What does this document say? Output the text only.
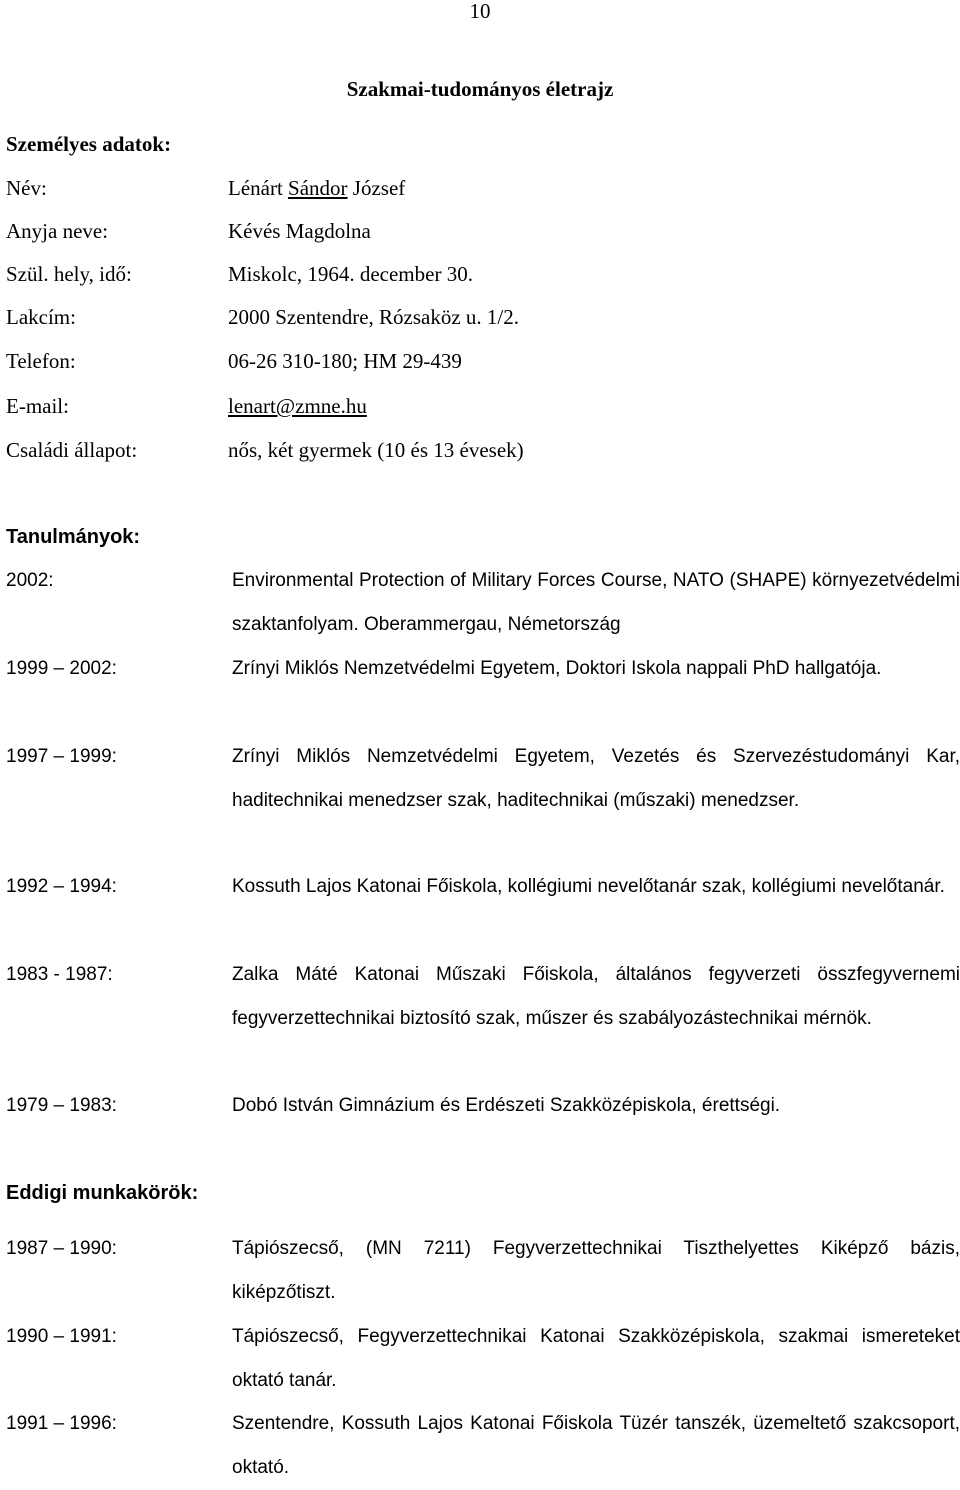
10
Szakmai-tudományos életrajz
Személyes adatok:
Név:	Lénárt Sándor József
Anyja neve:	Kévés Magdolna
Szül. hely, idő:	Miskolc, 1964. december 30.
Lakcím:	2000 Szentendre, Rózsaköz u. 1/2.
Telefon:	06-26 310-180; HM 29-439
E-mail:	lenart@zmne.hu
Családi állapot:	nős, két gyermek (10 és 13 évesek)
Tanulmányok:
2002:	Environmental Protection of Military Forces Course, NATO (SHAPE) környezetvédelmi szaktanfolyam. Oberammergau, Németország
1999 – 2002:	Zrínyi Miklós Nemzetvédelmi Egyetem, Doktori Iskola nappali PhD hallgatója.
1997 – 1999:	Zrínyi Miklós Nemzetvédelmi Egyetem, Vezetés és Szervezéstudományi Kar, haditechnikai menedzser szak, haditechnikai (műszaki) menedzser.
1992 – 1994:	Kossuth Lajos Katonai Főiskola, kollégiumi nevelőtanár szak, kollégiumi nevelőtanár.
1983 - 1987:	Zalka Máté Katonai Műszaki Főiskola, általános fegyverzeti összfegyvernemi fegyverzettechnikai biztosító szak, műszer és szabályozástechnikai mérnök.
1979 – 1983:	Dobó István Gimnázium és Erdészeti Szakközépiskola, érettségi.
Eddigi munkakörök:
1987 – 1990:	Tápiószecső, (MN 7211) Fegyverzettechnikai Tiszthelyettes Kiképző bázis, kiképzőtiszt.
1990 – 1991:	Tápiószecső, Fegyverzettechnikai Katonai Szakközépiskola, szakmai ismereteket oktató tanár.
1991 – 1996:	Szentendre, Kossuth Lajos Katonai Főiskola Tüzér tanszék, üzemeltető szakcsoport, oktató.
